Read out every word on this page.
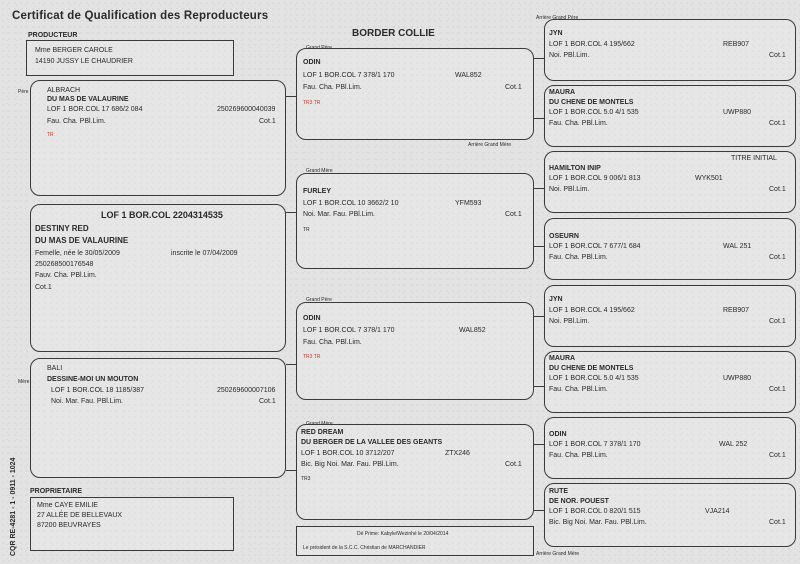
Certificat de Qualification des Reproducteurs
BORDER COLLIE
PRODUCTEUR
Mme BERGER CAROLE
14190 JUSSY LE CHAUDRIER
Père	ALBRACH
DU MAS DE VALAURINE
LOF 1 BOR.COL 17 686/2 084	250269600040039
Fau. Cha. PBl.Lim.	Cot.1
TR
LOF 1 BOR.COL 2204314535
DESTINY RED
DU MAS DE VALAURINE
Femelle, née le 30/05/2009	inscrite le 07/04/2009
250268500176548
Fauv. Cha. PBl.Lim.
Cot.1
Mère
BALI
DESSINE-MOI UN MOUTON
LOF 1 BOR.COL 18 1185/387	250269600007106
Noi. Mar. Fau. PBl.Lim.	Cot.1
PROPRIETAIRE
Mme CAYE EMILIE
27 ALLÉE DE BELLEVAUX
87200 BEUVRAYES
CQR RE-4281 - 1 - 0911 - 1024
Grand Père
ODIN
LOF 1 BOR.COL 7 378/1 170	WAL852
Fau. Cha. PBl.Lim.	Cot.1
TR3 TR
Arrière Grand Mère
Grand Mère
FURLEY
LOF 1 BOR.COL 10 3662/2 10	YFM593
Noi. Mar. Fau. PBl.Lim.	Cot.1
TR
Grand Père
ODIN
LOF 1 BOR.COL 7 378/1 170	WAL852
Fau. Cha. PBl.Lim.
TR3 TR
Grand Mère
RED DREAM
DU BERGER DE LA VALLEE DES GEANTS
LOF 1 BOR.COL 10 3712/207	ZTX246
Bic. Big Noi. Mar. Fau. PBl.Lim.	Cot.1
TR3
Dé Prime: Kabyle/Wezinhé le 20/04/2014
Le président de la S.C.C. Christian de MARCHANDIER
Arrière Grand Père
JYN
LOF 1 BOR.COL 4 195/662	REB907
Noi. PBl.Lim.	Cot.1
MAURA
DU CHENE DE MONTELS
LOF 1 BOR.COL 5.0 4/1 535	UWP880
Fau. Cha. PBl.Lim.	Cot.1
TITRE INITIAL
HAMILTON INIP
LOF 1 BOR.COL 9 006/1 813	WYK501
Noi. PBl.Lim.	Cot.1
OSEURN
LOF 1 BOR.COL 7 677/1 684	WAL 251
Fau. Cha. PBl.Lim.	Cot.1
JYN
LOF 1 BOR.COL 4 195/662	REB907
Noi. PBl.Lim.	Cot.1
MAURA
DU CHENE DE MONTELS
LOF 1 BOR.COL 5.0 4/1 535	UWP880
Fau. Cha. PBl.Lim.	Cot.1
ODIN
LOF 1 BOR.COL 7 378/1 170	WAL 252
Fau. Cha. PBl.Lim.	Cot.1
RUTE
DE NOR. POUEST
LOF 1 BOR.COL 0 820/1 515	VJA214
Bic. Big Noi. Mar. Fau. PBl.Lim.	Cot.1
Arrière Grand Mère
